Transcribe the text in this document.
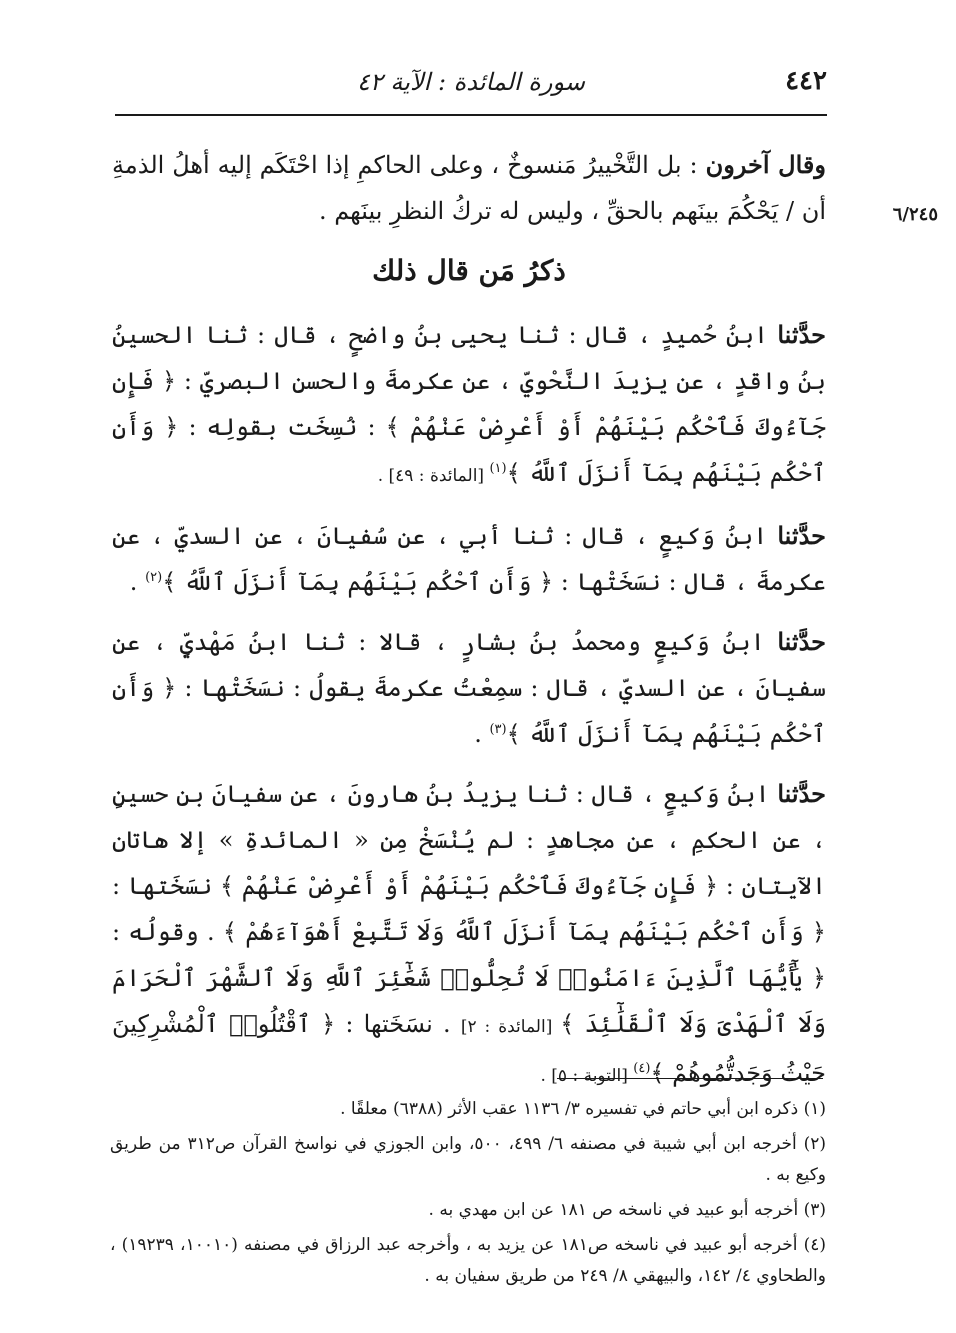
٤٤٢
سورة المائدة : الآية ٤٢
٦/٢٤٥

وقال آخرون : بل التَّخْييرُ مَنسوخٌ ، وعلى الحاكمِ إذا احْتَكَم إليه أهلُ الذمةِ أن / يَحْكُمَ بينَهم بالحقِّ ، وليس له تركُ النظرِ بينَهم .

ذكرُ مَن قال ذلك

حدَّثنا ابنُ حُميدٍ ، قال : ثنا يحيى بنُ واضحٍ ، قال : ثنا الحسينُ بنُ واقدٍ ، عن يزيدَ النَّحْويِّ ، عن عكرمةَ والحسنِ البصريِّ : ﴿ فَإِن جَآءُوكَ فَٱحْكُم بَيْنَهُمْ أَوْ أَعْرِضْ عَنْهُمْ ﴾ : نُسِخَت بقولِه : ﴿ وَأَنِ ٱحْكُم بَيْنَهُم بِمَآ أَنزَلَ ٱللَّهُ ﴾$^{(١)}$ [المائدة : ٤٩] .

حدَّثنا ابنُ وَكيعٍ ، قال : ثنا أبي ، عن سُفيانَ ، عن السديِّ ، عن عكرمةَ ، قال : نسَخَتْها : ﴿ وَأَنِ ٱحْكُم بَيْنَهُم بِمَآ أَنزَلَ ٱللَّهُ ﴾$^{(٢)}$ .

حدَّثنا ابنُ وَكيعٍ ومحمدُ بنُ بشارٍ ، قالا : ثنا ابنُ مَهْديٍّ ، عن سفيانَ ، عن السديِّ ، قال : سمِعْتُ عكرمةَ يقولُ : نسَخَتْها : ﴿ وَأَنِ ٱحْكُم بَيْنَهُم بِمَآ أَنزَلَ ٱللَّهُ ﴾$^{(٣)}$ .

حدَّثنا ابنُ وَكيعٍ ، قال : ثنا يزيدُ بنُ هارونَ ، عن سفيانَ بنِ حسينٍ ، عن الحكمِ ، عن مجاهدٍ : لم يُنْسَخْ مِن « المائدةِ » إلا هاتان الآيتان : ﴿ فَإِن جَآءُوكَ فَٱحْكُم بَيْنَهُمْ أَوْ أَعْرِضْ عَنْهُمْ ﴾ نسَخَتها : ﴿ وَأَنِ ٱحْكُم بَيْنَهُم بِمَآ أَنزَلَ ٱللَّهُ وَلَا تَتَّبِعْ أَهْوَآءَهُمْ ﴾ . وقولُه : ﴿ يَٰٓأَيُّهَا ٱلَّذِينَ ءَامَنُوا۟ لَا تُحِلُّوا۟ شَعَٰٓئِرَ ٱللَّهِ وَلَا ٱلشَّهْرَ ٱلْحَرَامَ وَلَا ٱلْهَدْىَ وَلَا ٱلْقَلَٰٓئِدَ ﴾ [المائدة : ٢] . نسَخَتها : ﴿ ٱقْتُلُوا۟ ٱلْمُشْرِكِينَ حَيْثُ وَجَدتُّمُوهُمْ ﴾$^{(٤)}$ [التوبة : ٥] .

(١) ذكره ابن أبي حاتم في تفسيره ٣/ ١١٣٦ عقب الأثر (٦٣٨٨) معلقًا .

(٢) أخرجه ابن أبي شيبة في مصنفه ٦/ ٤٩٩، ٥٠٠، وابن الجوزي في نواسخ القرآن ص٣١٢ من طريق وكيع به .

(٣) أخرجه أبو عبيد في ناسخه ص ١٨١ عن ابن مهدي به .

(٤) أخرجه أبو عبيد في ناسخه ص١٨١ عن يزيد به ، وأخرجه عبد الرزاق في مصنفه (١٠٠١٠، ١٩٢٣٩) ، والطحاوي ٤/ ١٤٢، والبيهقي ٨/ ٢٤٩ من طريق سفيان به .
